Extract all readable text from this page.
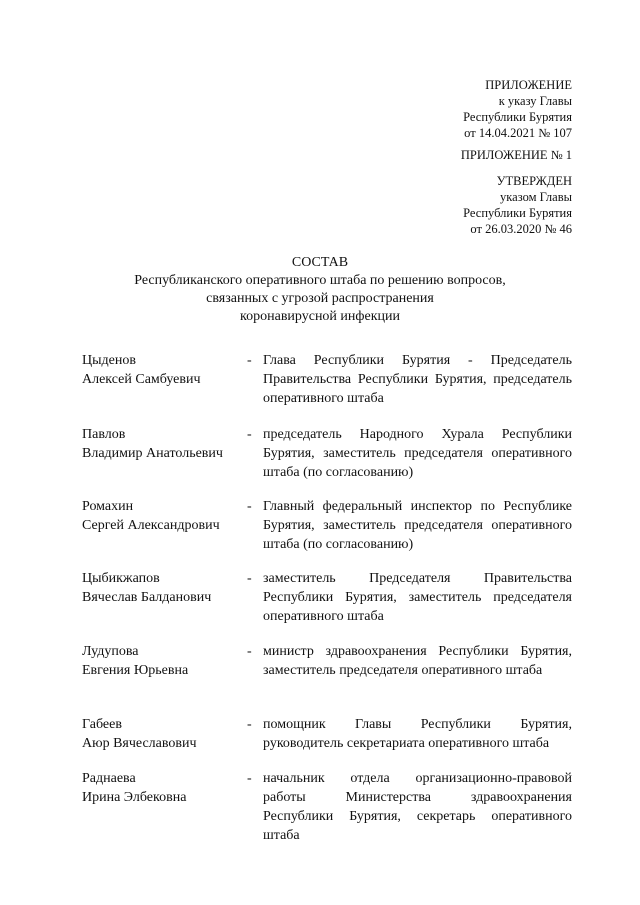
ПРИЛОЖЕНИЕ
к указу Главы
Республики Бурятия
от 14.04.2021 № 107
ПРИЛОЖЕНИЕ № 1
УТВЕРЖДЕН
указом Главы
Республики Бурятия
от 26.03.2020 № 46
СОСТАВ
Республиканского оперативного штаба по решению вопросов,
связанных с угрозой распространения
коронавирусной инфекции
Цыденов
Алексей Самбуевич
- Глава Республики Бурятия - Председатель Правительства Республики Бурятия, председатель оперативного штаба
Павлов
Владимир Анатольевич
- председатель Народного Хурала Республики Бурятия, заместитель председателя оперативного штаба (по согласованию)
Ромахин
Сергей Александрович
- Главный федеральный инспектор по Республике Бурятия, заместитель председателя оперативного штаба (по согласованию)
Цыбикжапов
Вячеслав Балданович
- заместитель Председателя Правительства Республики Бурятия, заместитель председателя оперативного штаба
Лудупова
Евгения Юрьевна
- министр здравоохранения Республики Бурятия, заместитель председателя оперативного штаба
Габеев
Аюр Вячеславович
- помощник Главы Республики Бурятия, руководитель секретариата оперативного штаба
Раднаева
Ирина Элбековна
- начальник отдела организационно-правовой работы Министерства здравоохранения Республики Бурятия, секретарь оперативного штаба
